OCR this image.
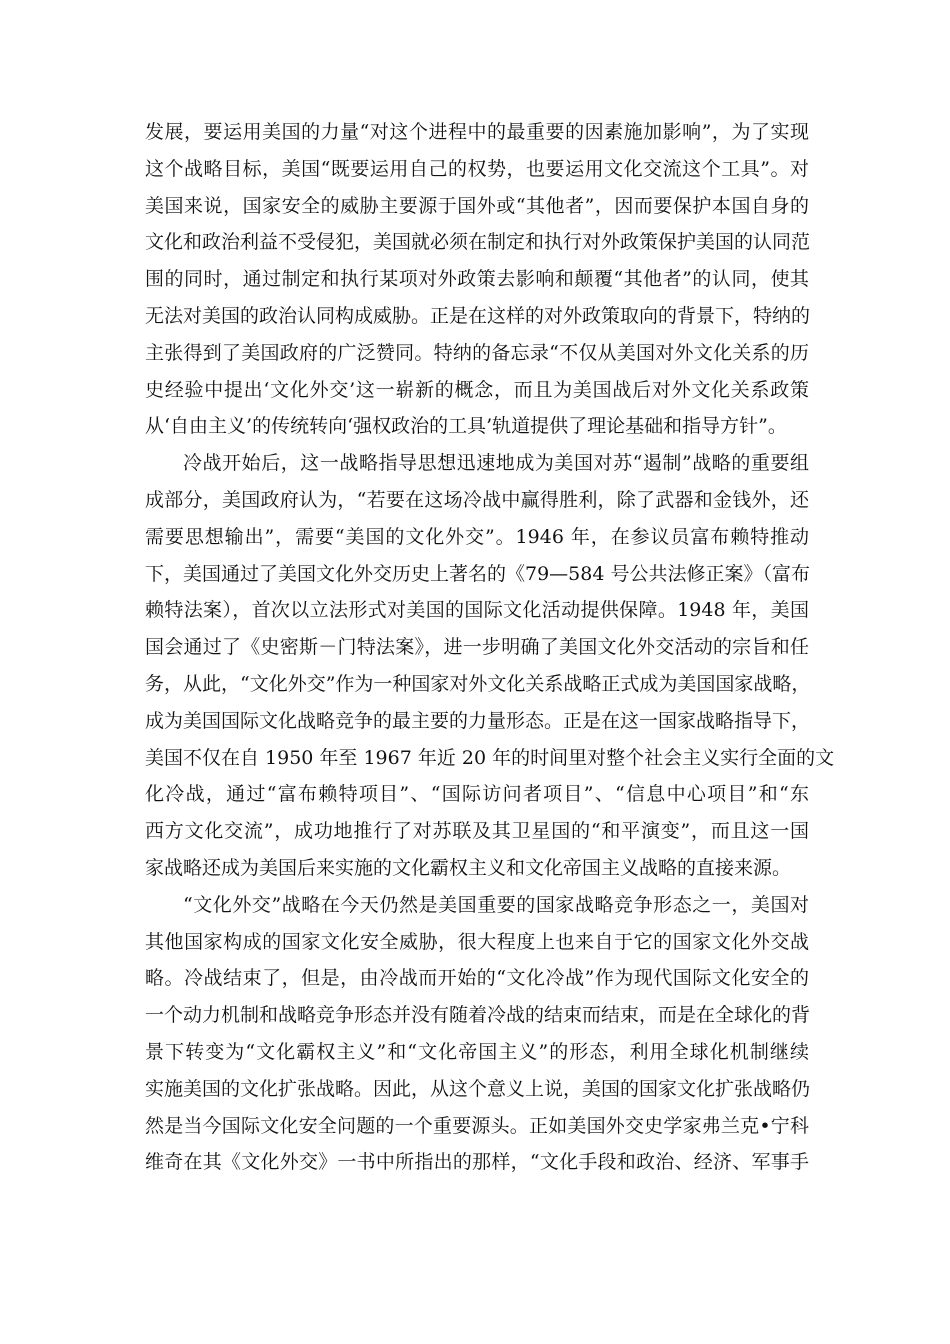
发展，要运用美国的力量“对这个进程中的最重要的因素施加影响”，为了实现
这个战略目标，美国“既要运用自己的权势，也要运用文化交流这个工具”。对
美国来说，国家安全的威胁主要源于国外或“其他者”，因而要保护本国自身的
文化和政治利益不受侵犯，美国就必须在制定和执行对外政策保护美国的认同范
围的同时，通过制定和执行某项对外政策去影响和颠覆“其他者”的认同，使其
无法对美国的政治认同构成威胁。正是在这样的对外政策取向的背景下，特纳的
主张得到了美国政府的广泛赞同。特纳的备忘录“不仅从美国对外文化关系的历
史经验中提出‘文化外交’这一崭新的概念，而且为美国战后对外文化关系政策
从‘自由主义’的传统转向‘强权政治的工具’轨道提供了理论基础和指导方针”。
冷战开始后，这一战略指导思想迅速地成为美国对苏“遏制”战略的重要组
成部分，美国政府认为，“若要在这场冷战中赢得胜利，除了武器和金钱外，还
需要思想输出”，需要“美国的文化外交”。1946 年，在参议员富布赖特推动
下，美国通过了美国文化外交历史上著名的《79—584 号公共法修正案》（富布
赖特法案），首次以立法形式对美国的国际文化活动提供保障。1948 年，美国
国会通过了《史密斯－门特法案》，进一步明确了美国文化外交活动的宗旨和任
务，从此，“文化外交”作为一种国家对外文化关系战略正式成为美国国家战略，
成为美国国际文化战略竞争的最主要的力量形态。正是在这一国家战略指导下，
美国不仅在自 1950 年至 1967 年近 20 年的时间里对整个社会主义实行全面的文
化冷战，通过“富布赖特项目”、“国际访问者项目”、“信息中心项目”和“东
西方文化交流”，成功地推行了对苏联及其卫星国的“和平演变”，而且这一国
家战略还成为美国后来实施的文化霸权主义和文化帝国主义战略的直接来源。
“文化外交”战略在今天仍然是美国重要的国家战略竞争形态之一，美国对
其他国家构成的国家文化安全威胁，很大程度上也来自于它的国家文化外交战
略。冷战结束了，但是，由冷战而开始的“文化冷战”作为现代国际文化安全的
一个动力机制和战略竞争形态并没有随着冷战的结束而结束，而是在全球化的背
景下转变为“文化霸权主义”和“文化帝国主义”的形态，利用全球化机制继续
实施美国的文化扩张战略。因此，从这个意义上说，美国的国家文化扩张战略仍
然是当今国际文化安全问题的一个重要源头。正如美国外交史学家弗兰克•宁科
维奇在其《文化外交》一书中所指出的那样，“文化手段和政治、经济、军事手
